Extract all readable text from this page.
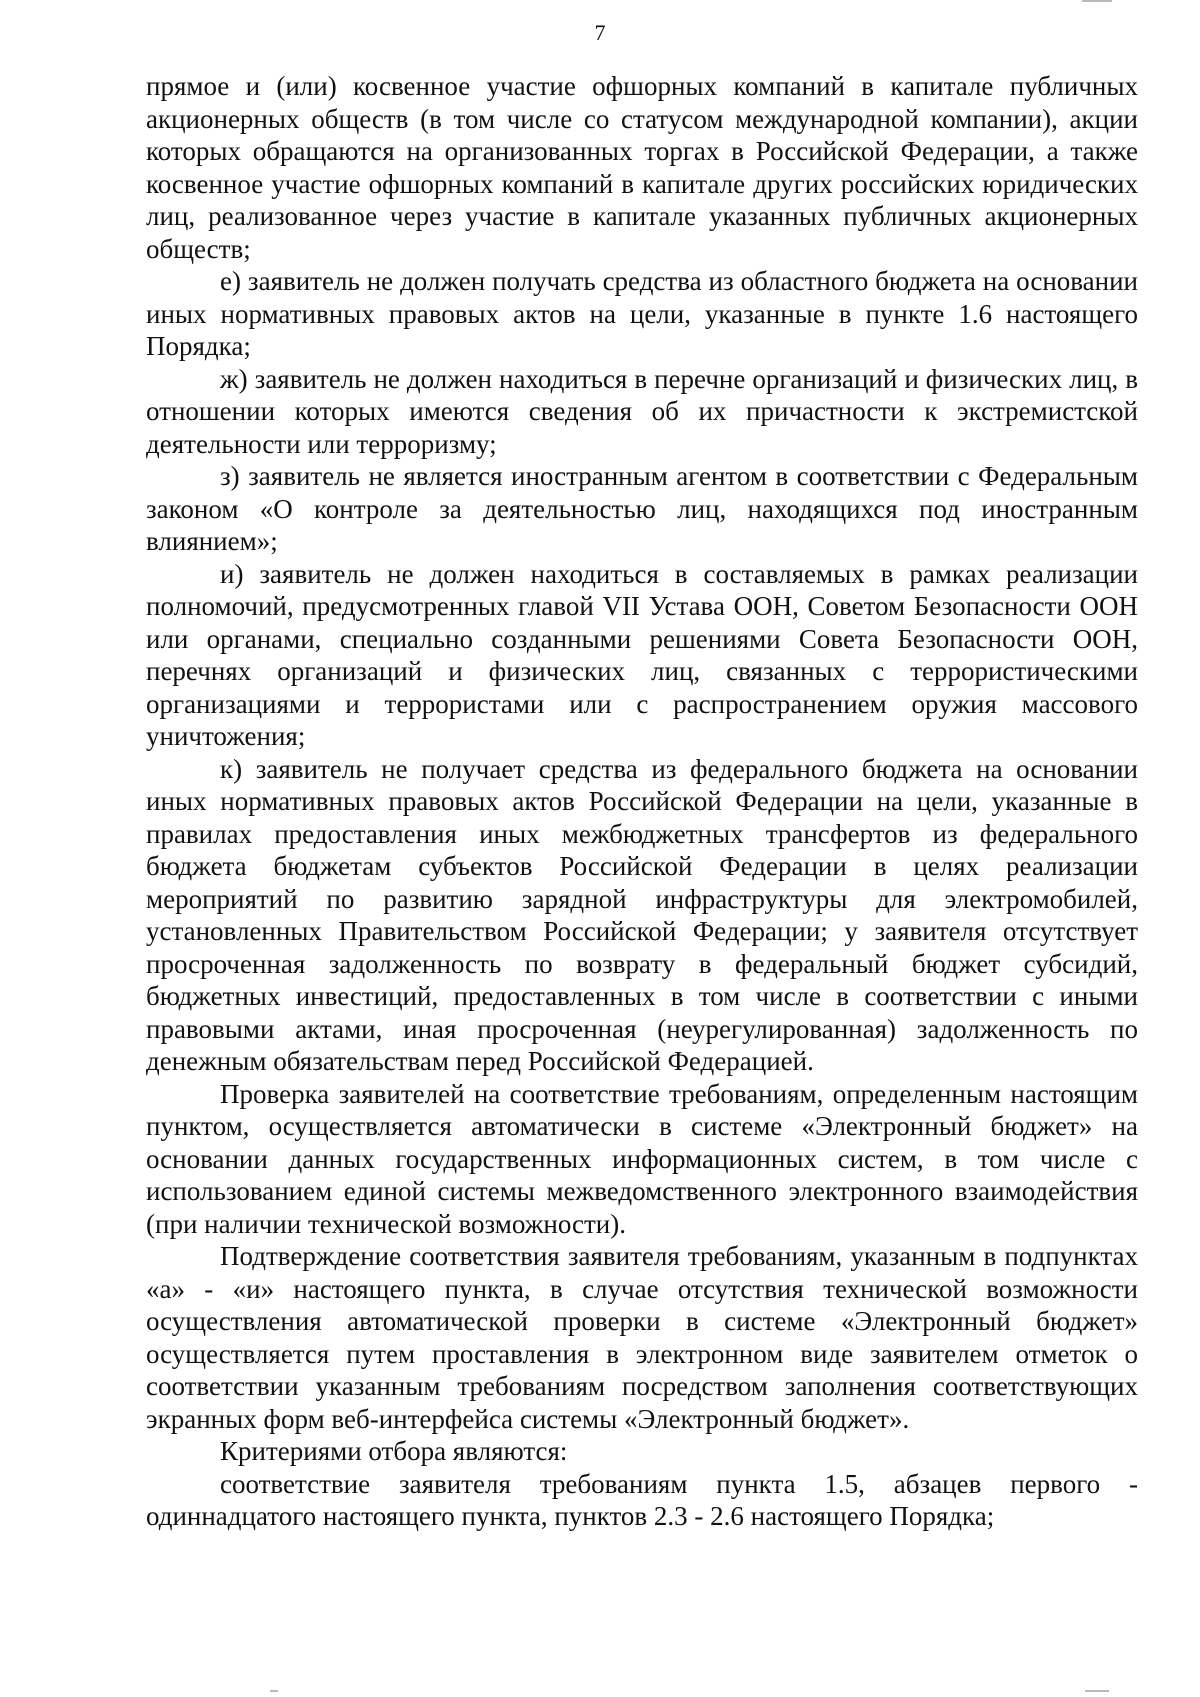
7

прямое и (или) косвенное участие офшорных компаний в капитале публичных акционерных обществ (в том числе со статусом международной компании), акции которых обращаются на организованных торгах в Российской Федерации, а также косвенное участие офшорных компаний в капитале других российских юридических лиц, реализованное через участие в капитале указанных публичных акционерных обществ;

е) заявитель не должен получать средства из областного бюджета на основании иных нормативных правовых актов на цели, указанные в пункте 1.6 настоящего Порядка;

ж) заявитель не должен находиться в перечне организаций и физических лиц, в отношении которых имеются сведения об их причастности к экстремистской деятельности или терроризму;

з) заявитель не является иностранным агентом в соответствии с Федеральным законом «О контроле за деятельностью лиц, находящихся под иностранным влиянием»;

и) заявитель не должен находиться в составляемых в рамках реализации полномочий, предусмотренных главой VII Устава ООН, Советом Безопасности ООН или органами, специально созданными решениями Совета Безопасности ООН, перечнях организаций и физических лиц, связанных с террористическими организациями и террористами или с распространением оружия массового уничтожения;

к) заявитель не получает средства из федерального бюджета на основании иных нормативных правовых актов Российской Федерации на цели, указанные в правилах предоставления иных межбюджетных трансфертов из федерального бюджета бюджетам субъектов Российской Федерации в целях реализации мероприятий по развитию зарядной инфраструктуры для электромобилей, установленных Правительством Российской Федерации; у заявителя отсутствует просроченная задолженность по возврату в федеральный бюджет субсидий, бюджетных инвестиций, предоставленных в том числе в соответствии с иными правовыми актами, иная просроченная (неурегулированная) задолженность по денежным обязательствам перед Российской Федерацией.

Проверка заявителей на соответствие требованиям, определенным настоящим пунктом, осуществляется автоматически в системе «Электронный бюджет» на основании данных государственных информационных систем, в том числе с использованием единой системы межведомственного электронного взаимодействия (при наличии технической возможности).

Подтверждение соответствия заявителя требованиям, указанным в подпунктах «а» - «и» настоящего пункта, в случае отсутствия технической возможности осуществления автоматической проверки в системе «Электронный бюджет» осуществляется путем проставления в электронном виде заявителем отметок о соответствии указанным требованиям посредством заполнения соответствующих экранных форм веб-интерфейса системы «Электронный бюджет».

Критериями отбора являются:

соответствие заявителя требованиям пункта 1.5, абзацев первого - одиннадцатого настоящего пункта, пунктов 2.3 - 2.6 настоящего Порядка;
